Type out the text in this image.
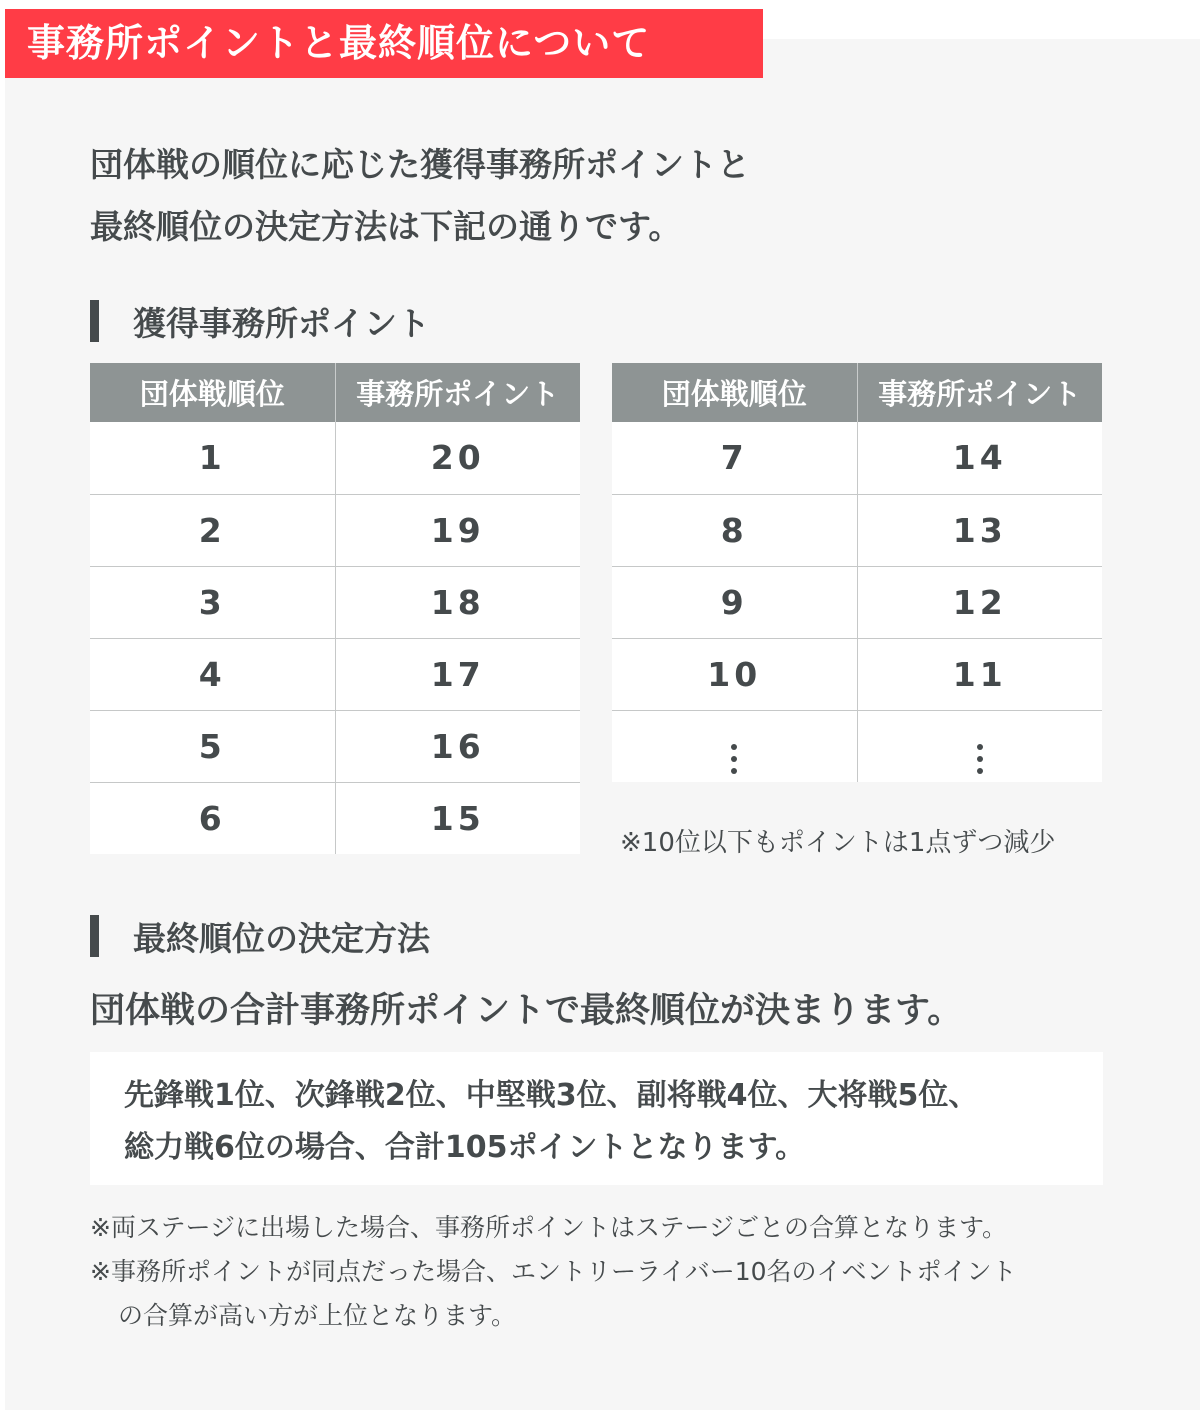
事務所ポイントと最終順位について
団体戦の順位に応じた獲得事務所ポイントと
最終順位の決定方法は下記の通りです。
獲得事務所ポイント
団体戦順位	事務所ポイント
1	20
2	19
3	18
4	17
5	16
6	15
団体戦順位	事務所ポイント
7	14
8	13
9	12
10	11

※10位以下もポイントは1点ずつ減少
最終順位の決定方法
団体戦の合計事務所ポイントで最終順位が決まります。
先鋒戦1位、次鋒戦2位、中堅戦3位、副将戦4位、大将戦5位、
総力戦6位の場合、合計105ポイントとなります。
※両ステージに出場した場合、事務所ポイントはステージごとの合算となります。
※事務所ポイントが同点だった場合、エントリーライバー10名のイベントポイント
の合算が高い方が上位となります。
